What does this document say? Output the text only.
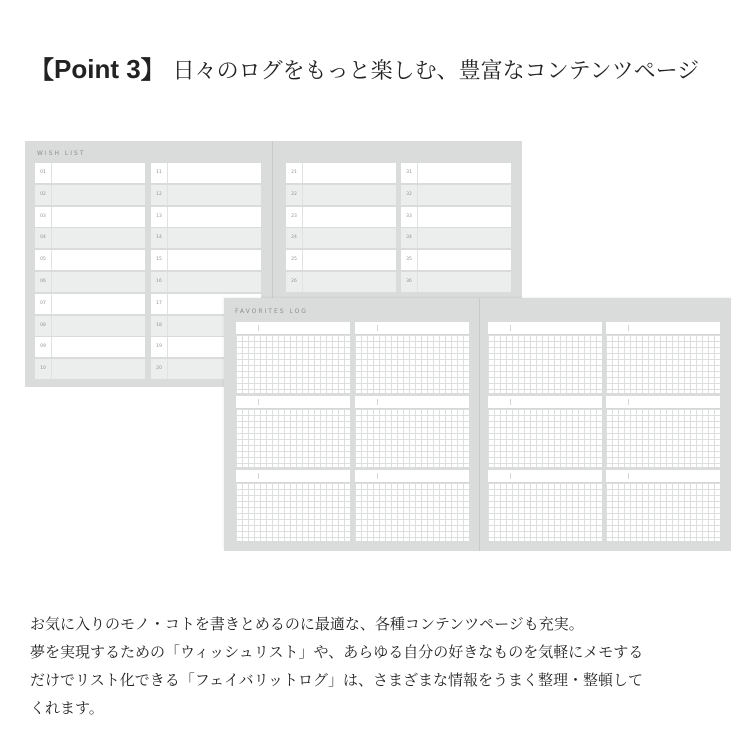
【Point 3】 日々のログをもっと楽しむ、豊富なコンテンツページ
WISH LIST
01
02
03
04
05
06
07
08
09
10
11
12
13
14
15
16
17
18
19
20
21
22
23
24
25
26
31
32
33
34
35
36
FAVORITES LOG

お気に入りのモノ・コトを書きとめるのに最適な、各種コンテンツページも充実。

夢を実現するための「ウィッシュリスト」や、あらゆる自分の好きなものを気軽にメモする

だけでリスト化できる「フェイバリットログ」は、さまざまな情報をうまく整理・整頓して

くれます。
